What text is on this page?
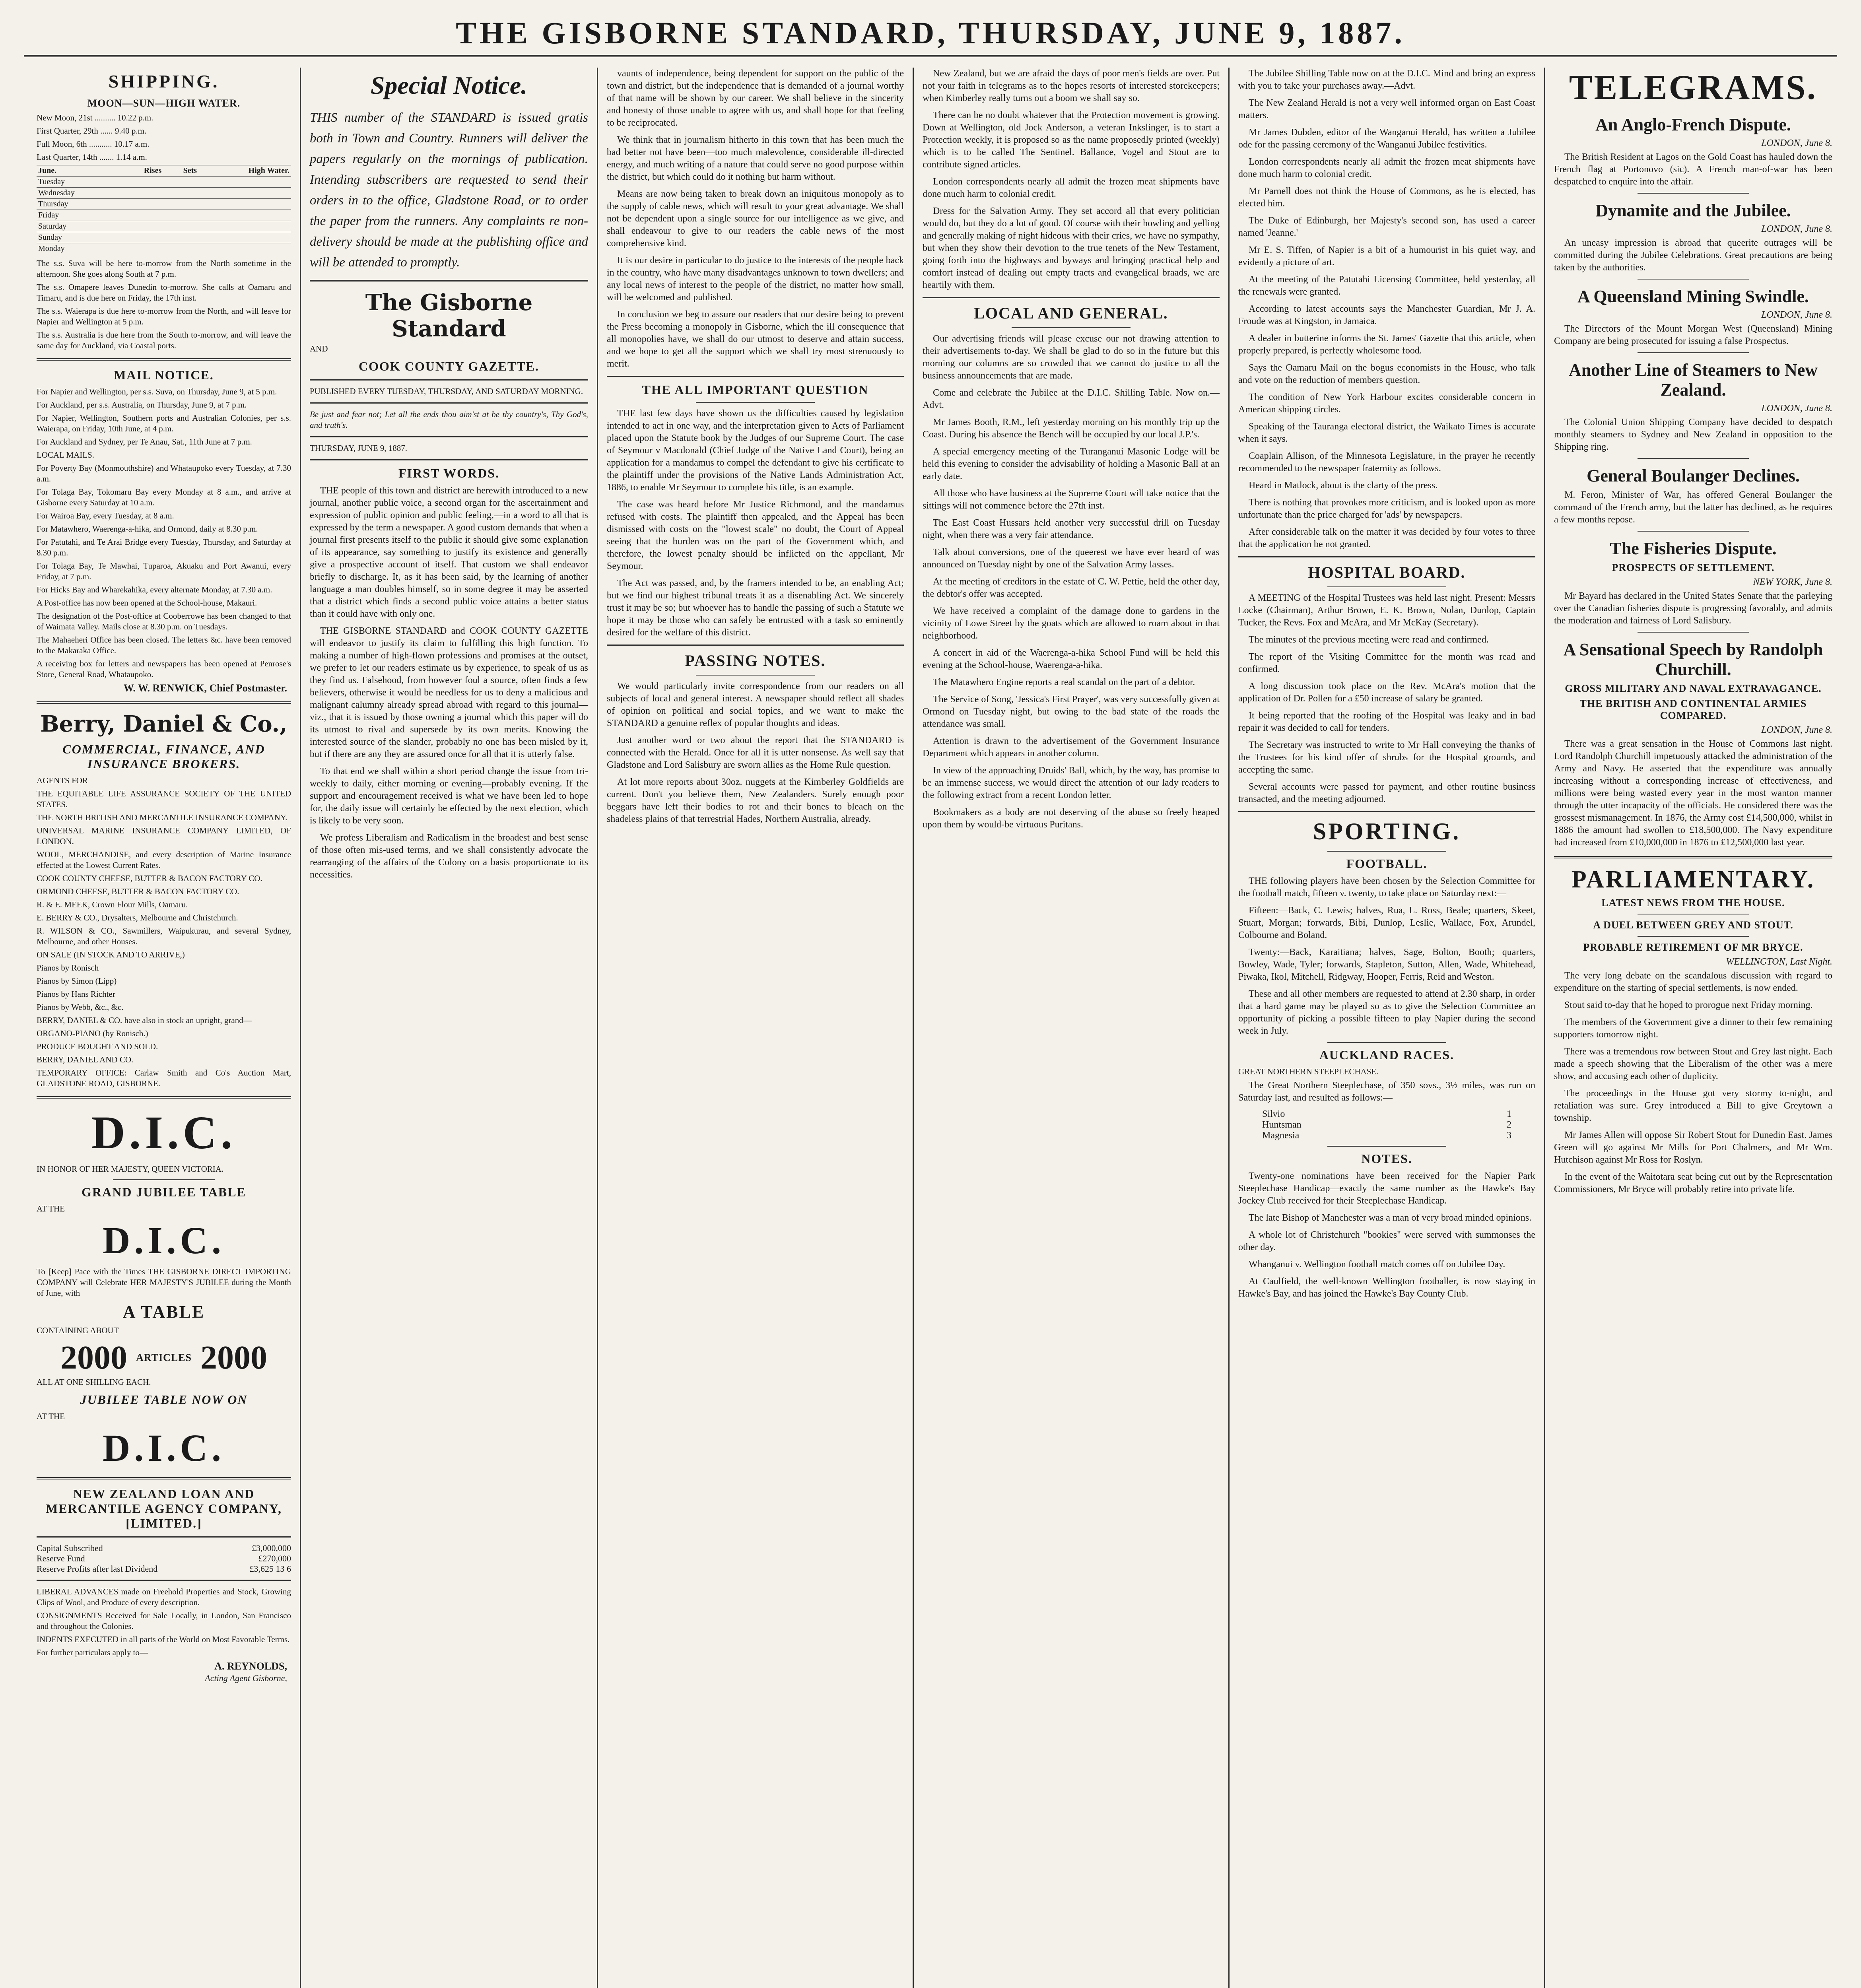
THE GISBORNE STANDARD, THURSDAY, JUNE 9, 1887.
SHIPPING.
MOON—SUN—HIGH WATER.

New Moon, 21st .......... 10.22 p.m.

First Quarter, 29th ...... 9.40 p.m.

Full Moon, 6th ........... 10.17 a.m.

Last Quarter, 14th ....... 1.14 a.m.

June.	Rises	Sets	High Water.
Tuesday			
Wednesday			
Thursday			
Friday			
Saturday			
Sunday			
Monday			

The s.s. Suva will be here to-morrow from the North sometime in the afternoon. She goes along South at 7 p.m.

The s.s. Omapere leaves Dunedin to-morrow. She calls at Oamaru and Timaru, and is due here on Friday, the 17th inst.

The s.s. Waierapa is due here to-morrow from the North, and will leave for Napier and Wellington at 5 p.m.

The s.s. Australia is due here from the South to-morrow, and will leave the same day for Auckland, via Coastal ports.

MAIL NOTICE.

For Napier and Wellington, per s.s. Suva, on Thursday, June 9, at 5 p.m.

For Auckland, per s.s. Australia, on Thursday, June 9, at 7 p.m.

For Napier, Wellington, Southern ports and Australian Colonies, per s.s. Waierapa, on Friday, 10th June, at 4 p.m.

For Auckland and Sydney, per Te Anau, Sat., 11th June at 7 p.m.

LOCAL MAILS.

For Poverty Bay (Monmouthshire) and Whataupoko every Tuesday, at 7.30 a.m.

For Tolaga Bay, Tokomaru Bay every Monday at 8 a.m., and arrive at Gisborne every Saturday at 10 a.m.

For Wairoa Bay, every Tuesday, at 8 a.m.

For Matawhero, Waerenga-a-hika, and Ormond, daily at 8.30 p.m.

For Patutahi, and Te Arai Bridge every Tuesday, Thursday, and Saturday at 8.30 p.m.

For Tolaga Bay, Te Mawhai, Tuparoa, Akuaku and Port Awanui, every Friday, at 7 p.m.

For Hicks Bay and Wharekahika, every alternate Monday, at 7.30 a.m.

A Post-office has now been opened at the School-house, Makauri.

The designation of the Post-office at Cooberrowe has been changed to that of Waimata Valley. Mails close at 8.30 p.m. on Tuesdays.

The Mahaeheri Office has been closed. The letters &c. have been removed to the Makaraka Office.

A receiving box for letters and newspapers has been opened at Penrose's Store, General Road, Whataupoko.

W. W. RENWICK, Chief Postmaster.
Berry, Daniel & Co.,
COMMERCIAL, FINANCE, AND INSURANCE BROKERS.

AGENTS FOR

THE EQUITABLE LIFE ASSURANCE SOCIETY OF THE UNITED STATES.

THE NORTH BRITISH AND MERCANTILE INSURANCE COMPANY.

UNIVERSAL MARINE INSURANCE COMPANY LIMITED, OF LONDON.

WOOL, MERCHANDISE, and every description of Marine Insurance effected at the Lowest Current Rates.

COOK COUNTY CHEESE, BUTTER & BACON FACTORY CO.

ORMOND CHEESE, BUTTER & BACON FACTORY CO.

R. & E. MEEK, Crown Flour Mills, Oamaru.

E. BERRY & CO., Drysalters, Melbourne and Christchurch.

R. WILSON & CO., Sawmillers, Waipukurau, and several Sydney, Melbourne, and other Houses.

ON SALE (IN STOCK AND TO ARRIVE,)

Pianos by Ronisch

Pianos by Simon (Lipp)

Pianos by Hans Richter

Pianos by Webb, &c., &c.

BERRY, DANIEL & CO. have also in stock an upright, grand—

ORGANO-PIANO (by Ronisch.)

PRODUCE BOUGHT AND SOLD.

BERRY, DANIEL AND CO.

TEMPORARY OFFICE: Carlaw Smith and Co's Auction Mart, GLADSTONE ROAD, GISBORNE.

D.I.C.

IN HONOR OF HER MAJESTY, QUEEN VICTORIA.

GRAND JUBILEE TABLE

AT THE

D.I.C.

To [Keep] Pace with the Times THE GISBORNE DIRECT IMPORTING COMPANY will Celebrate HER MAJESTY'S JUBILEE during the Month of June, with

A TABLE

CONTAINING ABOUT

2000 ARTICLES 2000

ALL AT ONE SHILLING EACH.

JUBILEE TABLE NOW ON

AT THE

D.I.C.
NEW ZEALAND LOAN AND MERCANTILE AGENCY COMPANY, [LIMITED.]
Capital Subscribed	£3,000,000
Reserve Fund	£270,000
Reserve Profits after last Dividend	£3,625 13 6

LIBERAL ADVANCES made on Freehold Properties and Stock, Growing Clips of Wool, and Produce of every description.

CONSIGNMENTS Received for Sale Locally, in London, San Francisco and throughout the Colonies.

INDENTS EXECUTED in all parts of the World on Most Favorable Terms.

For further particulars apply to—

A. REYNOLDS,
Acting Agent Gisborne,
Special Notice.
THIS number of the STANDARD is issued gratis both in Town and Country. Runners will deliver the papers regularly on the mornings of publication. Intending subscribers are requested to send their orders in to the office, Gladstone Road, or to order the paper from the runners. Any complaints re non-delivery should be made at the publishing office and will be attended to promptly.
The Gisborne Standard

AND

COOK COUNTY GAZETTE.

PUBLISHED EVERY TUESDAY, THURSDAY, AND SATURDAY MORNING.

Be just and fear not; Let all the ends thou aim'st at be thy country's, Thy God's, and truth's.

THURSDAY, JUNE 9, 1887.

FIRST WORDS.

THE people of this town and district are herewith introduced to a new journal, another public voice, a second organ for the ascertainment and expression of public opinion and public feeling,—in a word to all that is expressed by the term a newspaper. A good custom demands that when a journal first presents itself to the public it should give some explanation of its appearance, say something to justify its existence and generally give a prospective account of itself. That custom we shall endeavor briefly to discharge. It, as it has been said, by the learning of another language a man doubles himself, so in some degree it may be asserted that a district which finds a second public voice attains a better status than it could have with only one.

THE GISBORNE STANDARD and COOK COUNTY GAZETTE will endeavor to justify its claim to fulfilling this high function. To making a number of high-flown professions and promises at the outset, we prefer to let our readers estimate us by experience, to speak of us as they find us. Falsehood, from however foul a source, often finds a few believers, otherwise it would be needless for us to deny a malicious and malignant calumny already spread abroad with regard to this journal—viz., that it is issued by those owning a journal which this paper will do its utmost to rival and supersede by its own merits. Knowing the interested source of the slander, probably no one has been misled by it, but if there are any they are assured once for all that it is utterly false.

To that end we shall within a short period change the issue from tri-weekly to daily, either morning or evening—probably evening. If the support and encouragement received is what we have been led to hope for, the daily issue will certainly be effected by the next election, which is likely to be very soon.

We profess Liberalism and Radicalism in the broadest and best sense of those often mis-used terms, and we shall consistently advocate the rearranging of the affairs of the Colony on a basis proportionate to its necessities.

vaunts of independence, being dependent for support on the public of the town and district, but the independence that is demanded of a journal worthy of that name will be shown by our career. We shall believe in the sincerity and honesty of those unable to agree with us, and shall hope for that feeling to be reciprocated.

We think that in journalism hitherto in this town that has been much the bad better not have been—too much malevolence, considerable ill-directed energy, and much writing of a nature that could serve no good purpose within the district, but which could do it nothing but harm without.

Means are now being taken to break down an iniquitous monopoly as to the supply of cable news, which will result to your great advantage. We shall not be dependent upon a single source for our intelligence as we give, and shall endeavour to give to our readers the cable news of the most comprehensive kind.

It is our desire in particular to do justice to the interests of the people back in the country, who have many disadvantages unknown to town dwellers; and any local news of interest to the people of the district, no matter how small, will be welcomed and published.

In conclusion we beg to assure our readers that our desire being to prevent the Press becoming a monopoly in Gisborne, which the ill consequence that all monopolies have, we shall do our utmost to deserve and attain success, and we hope to get all the support which we shall try most strenuously to merit.

THE ALL IMPORTANT QUESTION

THE last few days have shown us the difficulties caused by legislation intended to act in one way, and the interpretation given to Acts of Parliament placed upon the Statute book by the Judges of our Supreme Court. The case of Seymour v Macdonald (Chief Judge of the Native Land Court), being an application for a mandamus to compel the defendant to give his certificate to the plaintiff under the provisions of the Native Lands Administration Act, 1886, to enable Mr Seymour to complete his title, is an example.

The case was heard before Mr Justice Richmond, and the mandamus refused with costs. The plaintiff then appealed, and the Appeal has been dismissed with costs on the "lowest scale" no doubt, the Court of Appeal seeing that the burden was on the part of the Government which, and therefore, the lowest penalty should be inflicted on the appellant, Mr Seymour.

The Act was passed, and, by the framers intended to be, an enabling Act; but we find our highest tribunal treats it as a disenabling Act. We sincerely trust it may be so; but whoever has to handle the passing of such a Statute we hope it may be those who can safely be entrusted with a task so eminently desired for the welfare of this district.

PASSING NOTES.

We would particularly invite correspondence from our readers on all subjects of local and general interest. A newspaper should reflect all shades of opinion on political and social topics, and we want to make the STANDARD a genuine reflex of popular thoughts and ideas.

Just another word or two about the report that the STANDARD is connected with the Herald. Once for all it is utter nonsense. As well say that Gladstone and Lord Salisbury are sworn allies as the Home Rule question.

At lot more reports about 30oz. nuggets at the Kimberley Goldfields are current. Don't you believe them, New Zealanders. Surely enough poor beggars have left their bodies to rot and their bones to bleach on the shadeless plains of that terrestrial Hades, Northern Australia, already.

New Zealand, but we are afraid the days of poor men's fields are over. Put not your faith in telegrams as to the hopes resorts of interested storekeepers; when Kimberley really turns out a boom we shall say so.

There can be no doubt whatever that the Protection movement is growing. Down at Wellington, old Jock Anderson, a veteran Inkslinger, is to start a Protection weekly, it is proposed so as the name proposedly printed (weekly) which is to be called The Sentinel. Ballance, Vogel and Stout are to contribute signed articles.

London correspondents nearly all admit the frozen meat shipments have done much harm to colonial credit.

Dress for the Salvation Army. They set accord all that every politician would do, but they do a lot of good. Of course with their howling and yelling and generally making of night hideous with their cries, we have no sympathy, but when they show their devotion to the true tenets of the New Testament, going forth into the highways and byways and bringing practical help and comfort instead of dealing out empty tracts and evangelical braads, we are heartily with them.

LOCAL AND GENERAL.

Our advertising friends will please excuse our not drawing attention to their advertisements to-day. We shall be glad to do so in the future but this morning our columns are so crowded that we cannot do justice to all the business announcements that are made.

Come and celebrate the Jubilee at the D.I.C. Shilling Table. Now on.—Advt.

Mr James Booth, R.M., left yesterday morning on his monthly trip up the Coast. During his absence the Bench will be occupied by our local J.P.'s.

A special emergency meeting of the Turanganui Masonic Lodge will be held this evening to consider the advisability of holding a Masonic Ball at an early date.

All those who have business at the Supreme Court will take notice that the sittings will not commence before the 27th inst.

The East Coast Hussars held another very successful drill on Tuesday night, when there was a very fair attendance.

Talk about conversions, one of the queerest we have ever heard of was announced on Tuesday night by one of the Salvation Army lasses.

At the meeting of creditors in the estate of C. W. Pettie, held the other day, the debtor's offer was accepted.

We have received a complaint of the damage done to gardens in the vicinity of Lowe Street by the goats which are allowed to roam about in that neighborhood.

A concert in aid of the Waerenga-a-hika School Fund will be held this evening at the School-house, Waerenga-a-hika.

The Matawhero Engine reports a real scandal on the part of a debtor.

The Service of Song, 'Jessica's First Prayer', was very successfully given at Ormond on Tuesday night, but owing to the bad state of the roads the attendance was small.

Attention is drawn to the advertisement of the Government Insurance Department which appears in another column.

In view of the approaching Druids' Ball, which, by the way, has promise to be an immense success, we would direct the attention of our lady readers to the following extract from a recent London letter.

Bookmakers as a body are not deserving of the abuse so freely heaped upon them by would-be virtuous Puritans.

The Jubilee Shilling Table now on at the D.I.C. Mind and bring an express with you to take your purchases away.—Advt.

The New Zealand Herald is not a very well informed organ on East Coast matters.

Mr James Dubden, editor of the Wanganui Herald, has written a Jubilee ode for the passing ceremony of the Wanganui Jubilee festivities.

London correspondents nearly all admit the frozen meat shipments have done much harm to colonial credit.

Mr Parnell does not think the House of Commons, as he is elected, has elected him.

The Duke of Edinburgh, her Majesty's second son, has used a career named 'Jeanne.'

Mr E. S. Tiffen, of Napier is a bit of a humourist in his quiet way, and evidently a picture of art.

At the meeting of the Patutahi Licensing Committee, held yesterday, all the renewals were granted.

According to latest accounts says the Manchester Guardian, Mr J. A. Froude was at Kingston, in Jamaica.

A dealer in butterine informs the St. James' Gazette that this article, when properly prepared, is perfectly wholesome food.

Says the Oamaru Mail on the bogus economists in the House, who talk and vote on the reduction of members question.

The condition of New York Harbour excites considerable concern in American shipping circles.

Speaking of the Tauranga electoral district, the Waikato Times is accurate when it says.

Coaplain Allison, of the Minnesota Legislature, in the prayer he recently recommended to the newspaper fraternity as follows.

Heard in Matlock, about is the clarty of the press.

There is nothing that provokes more criticism, and is looked upon as more unfortunate than the price charged for 'ads' by newspapers.

After considerable talk on the matter it was decided by four votes to three that the application be not granted.

HOSPITAL BOARD.

A MEETING of the Hospital Trustees was held last night. Present: Messrs Locke (Chairman), Arthur Brown, E. K. Brown, Nolan, Dunlop, Captain Tucker, the Revs. Fox and McAra, and Mr McKay (Secretary).

The minutes of the previous meeting were read and confirmed.

The report of the Visiting Committee for the month was read and confirmed.

A long discussion took place on the Rev. McAra's motion that the application of Dr. Pollen for a £50 increase of salary be granted.

It being reported that the roofing of the Hospital was leaky and in bad repair it was decided to call for tenders.

The Secretary was instructed to write to Mr Hall conveying the thanks of the Trustees for his kind offer of shrubs for the Hospital grounds, and accepting the same.

Several accounts were passed for payment, and other routine business transacted, and the meeting adjourned.

SPORTING.
FOOTBALL.

THE following players have been chosen by the Selection Committee for the football match, fifteen v. twenty, to take place on Saturday next:—

Fifteen:—Back, C. Lewis; halves, Rua, L. Ross, Beale; quarters, Skeet, Stuart, Morgan; forwards, Bibi, Dunlop, Leslie, Wallace, Fox, Arundel, Colbourne and Boland.

Twenty:—Back, Karaitiana; halves, Sage, Bolton, Booth; quarters, Bowley, Wade, Tyler; forwards, Stapleton, Sutton, Allen, Wade, Whitehead, Piwaka, Ikol, Mitchell, Ridgway, Hooper, Ferris, Reid and Weston.

These and all other members are requested to attend at 2.30 sharp, in order that a hard game may be played so as to give the Selection Committee an opportunity of picking a possible fifteen to play Napier during the second week in July.

AUCKLAND RACES.

GREAT NORTHERN STEEPLECHASE.

The Great Northern Steeplechase, of 350 sovs., 3½ miles, was run on Saturday last, and resulted as follows:—

Silvio	1
Huntsman	2
Magnesia	3
NOTES.

Twenty-one nominations have been received for the Napier Park Steeplechase Handicap—exactly the same number as the Hawke's Bay Jockey Club received for their Steeplechase Handicap.

The late Bishop of Manchester was a man of very broad minded opinions.

A whole lot of Christchurch "bookies" were served with summonses the other day.

Whanganui v. Wellington football match comes off on Jubilee Day.

At Caulfield, the well-known Wellington footballer, is now staying in Hawke's Bay, and has joined the Hawke's Bay County Club.

TELEGRAMS.
An Anglo-French Dispute.
LONDON, June 8.

The British Resident at Lagos on the Gold Coast has hauled down the French flag at Portonovo (sic). A French man-of-war has been despatched to enquire into the affair.

Dynamite and the Jubilee.
LONDON, June 8.

An uneasy impression is abroad that queerite outrages will be committed during the Jubilee Celebrations. Great precautions are being taken by the authorities.

A Queensland Mining Swindle.
LONDON, June 8.

The Directors of the Mount Morgan West (Queensland) Mining Company are being prosecuted for issuing a false Prospectus.

Another Line of Steamers to New Zealand.
LONDON, June 8.

The Colonial Union Shipping Company have decided to despatch monthly steamers to Sydney and New Zealand in opposition to the Shipping ring.

General Boulanger Declines.

M. Feron, Minister of War, has offered General Boulanger the command of the French army, but the latter has declined, as he requires a few months repose.

The Fisheries Dispute.
PROSPECTS OF SETTLEMENT.
NEW YORK, June 8.

Mr Bayard has declared in the United States Senate that the parleying over the Canadian fisheries dispute is progressing favorably, and admits the moderation and fairness of Lord Salisbury.

A Sensational Speech by Randolph Churchill.
GROSS MILITARY AND NAVAL EXTRAVAGANCE.
THE BRITISH AND CONTINENTAL ARMIES COMPARED.
LONDON, June 8.

There was a great sensation in the House of Commons last night. Lord Randolph Churchill impetuously attacked the administration of the Army and Navy. He asserted that the expenditure was annually increasing without a corresponding increase of effectiveness, and millions were being wasted every year in the most wanton manner through the utter incapacity of the officials. He considered there was the grossest mismanagement. In 1876, the Army cost £14,500,000, whilst in 1886 the amount had swollen to £18,500,000. The Navy expenditure had increased from £10,000,000 in 1876 to £12,500,000 last year.

PARLIAMENTARY.
LATEST NEWS FROM THE HOUSE.
A DUEL BETWEEN GREY AND STOUT.
PROBABLE RETIREMENT OF MR BRYCE.
WELLINGTON, Last Night.

The very long debate on the scandalous discussion with regard to expenditure on the starting of special settlements, is now ended.

Stout said to-day that he hoped to prorogue next Friday morning.

The members of the Government give a dinner to their few remaining supporters tomorrow night.

There was a tremendous row between Stout and Grey last night. Each made a speech showing that the Liberalism of the other was a mere show, and accusing each other of duplicity.

The proceedings in the House got very stormy to-night, and retaliation was sure. Grey introduced a Bill to give Greytown a township.

Mr James Allen will oppose Sir Robert Stout for Dunedin East. James Green will go against Mr Mills for Port Chalmers, and Mr Wm. Hutchison against Mr Ross for Roslyn.

In the event of the Waitotara seat being cut out by the Representation Commissioners, Mr Bryce will probably retire into private life.
